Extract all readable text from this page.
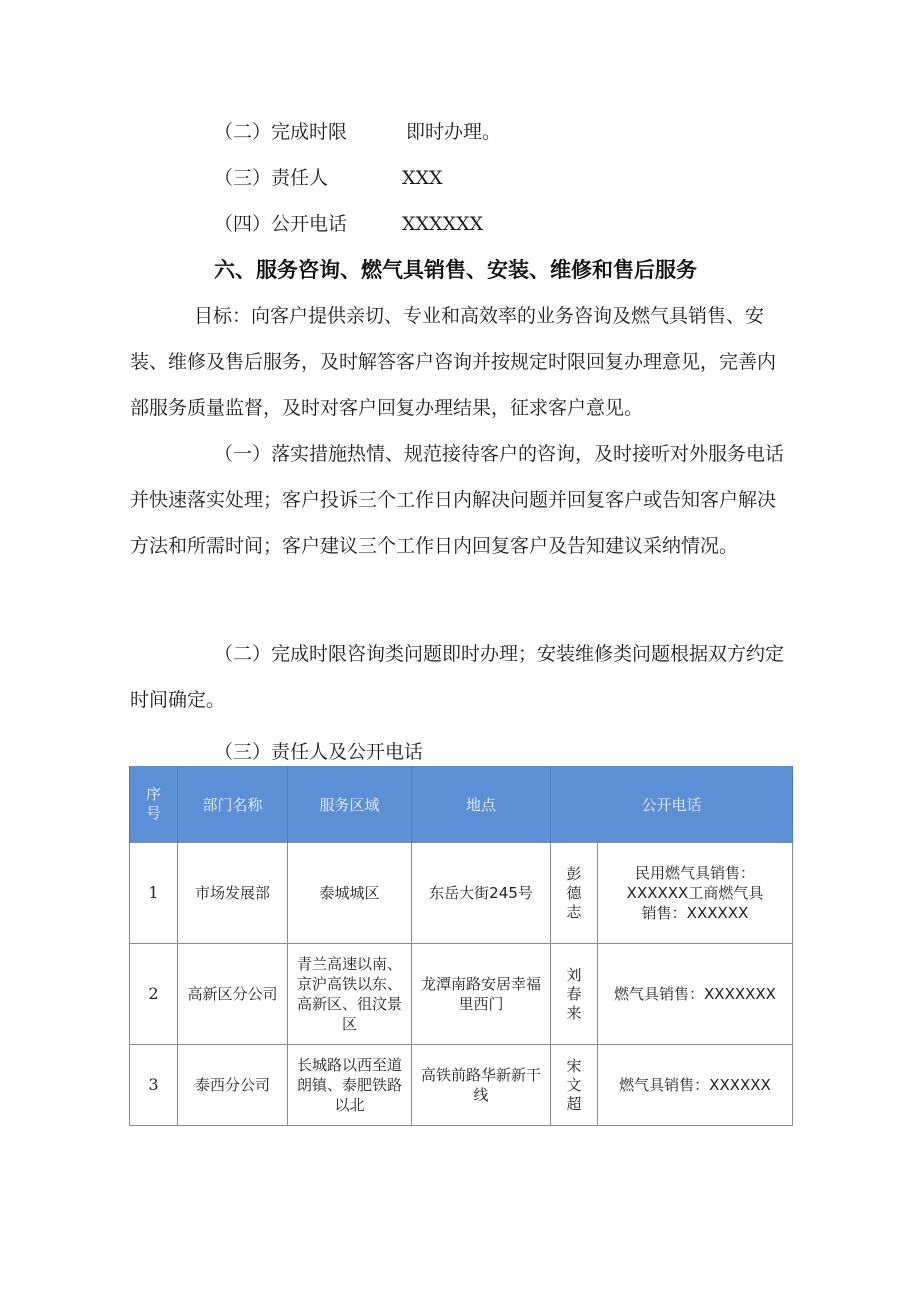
（二）完成时限	即时办理。
（三）责任人	XXX
（四）公开电话	XXXXXX
六、服务咨询、燃气具销售、安装、维修和售后服务

目标：向客户提供亲切、专业和高效率的业务咨询及燃气具销售、安装、维修及售后服务，及时解答客户咨询并按规定时限回复办理意见，完善内部服务质量监督，及时对客户回复办理结果，征求客户意见。

（一）落实措施热情、规范接待客户的咨询，及时接听对外服务电话并快速落实处理；客户投诉三个工作日内解决问题并回复客户或告知客户解决方法和所需时间；客户建议三个工作日内回复客户及告知建议采纳情况。

（二）完成时限咨询类问题即时办理；安装维修类问题根据双方约定时间确定。

（三）责任人及公开电话
序号	部门名称	服务区域	地点	公开电话	
1	市场发展部	泰城城区	东岳大街245号	彭德志	民用燃气具销售：XXXXXX工商燃气具销售：XXXXXX
2	高新区分公司	青兰高速以南、京沪高铁以东、高新区、徂汶景区	龙潭南路安居幸福里西门	刘春来	燃气具销售：XXXXXXX
3	泰西分公司	长城路以西至道朗镇、泰肥铁路以北	高铁前路华新新干线	宋文超	燃气具销售：XXXXXX
